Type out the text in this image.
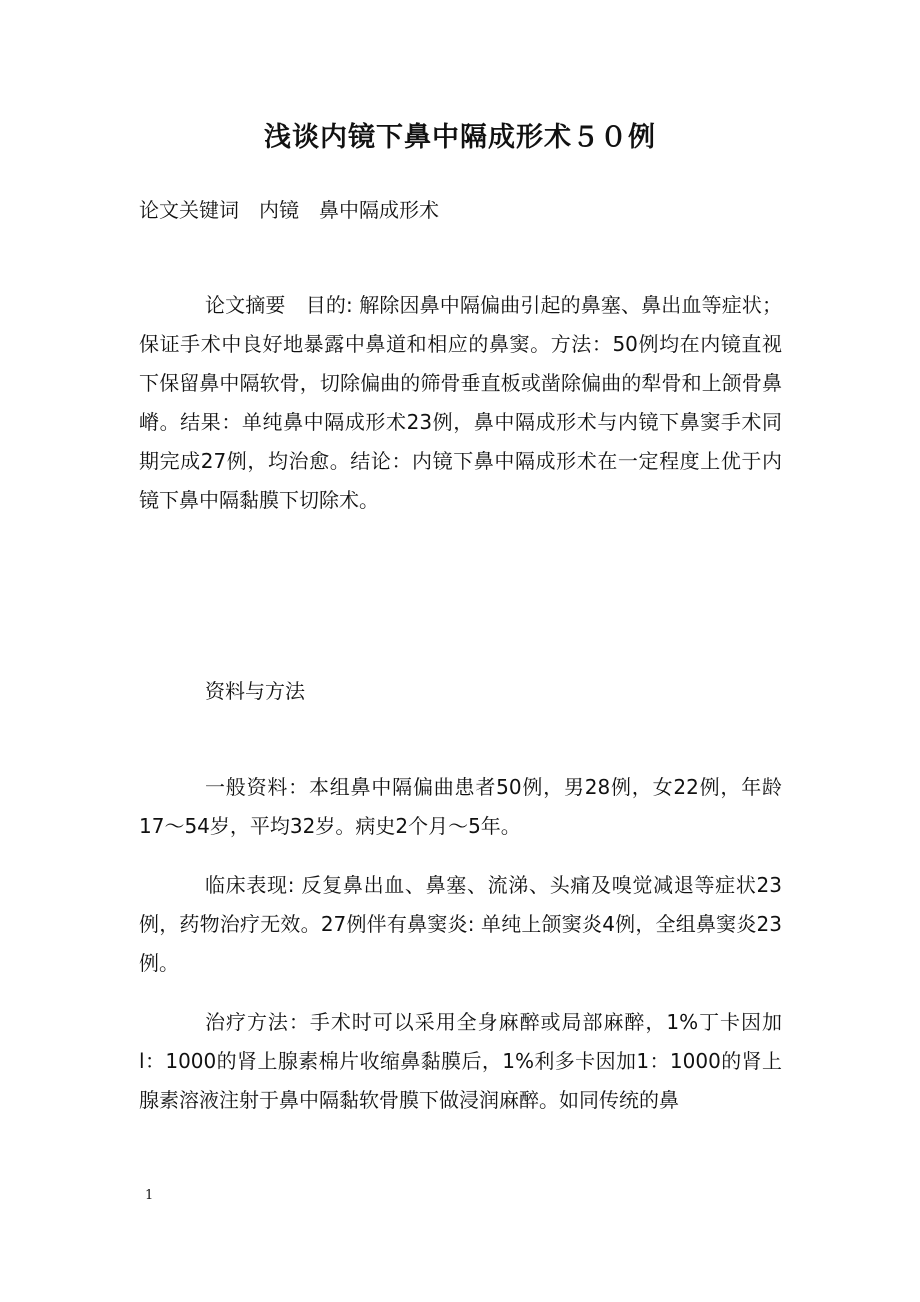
浅谈内镜下鼻中隔成形术５０例
论文关键词　内镜　鼻中隔成形术

论文摘要　目的: 解除因鼻中隔偏曲引起的鼻塞、鼻出血等症状；保证手术中良好地暴露中鼻道和相应的鼻窦。方法：50例均在内镜直视下保留鼻中隔软骨，切除偏曲的筛骨垂直板或凿除偏曲的犁骨和上颌骨鼻嵴。结果：单纯鼻中隔成形术23例，鼻中隔成形术与内镜下鼻窦手术同期完成27例，均治愈。结论：内镜下鼻中隔成形术在一定程度上优于内镜下鼻中隔黏膜下切除术。

资料与方法

一般资料：本组鼻中隔偏曲患者50例，男28例，女22例，年龄17～54岁，平均32岁。病史2个月～5年。

临床表现: 反复鼻出血、鼻塞、流涕、头痛及嗅觉减退等症状23例，药物治疗无效。27例伴有鼻窦炎: 单纯上颌窦炎4例，全组鼻窦炎23例。

治疗方法：手术时可以采用全身麻醉或局部麻醉，1%丁卡因加l：1000的肾上腺素棉片收缩鼻黏膜后，1%利多卡因加1：1000的肾上腺素溶液注射于鼻中隔黏软骨膜下做浸润麻醉。如同传统的鼻

1
